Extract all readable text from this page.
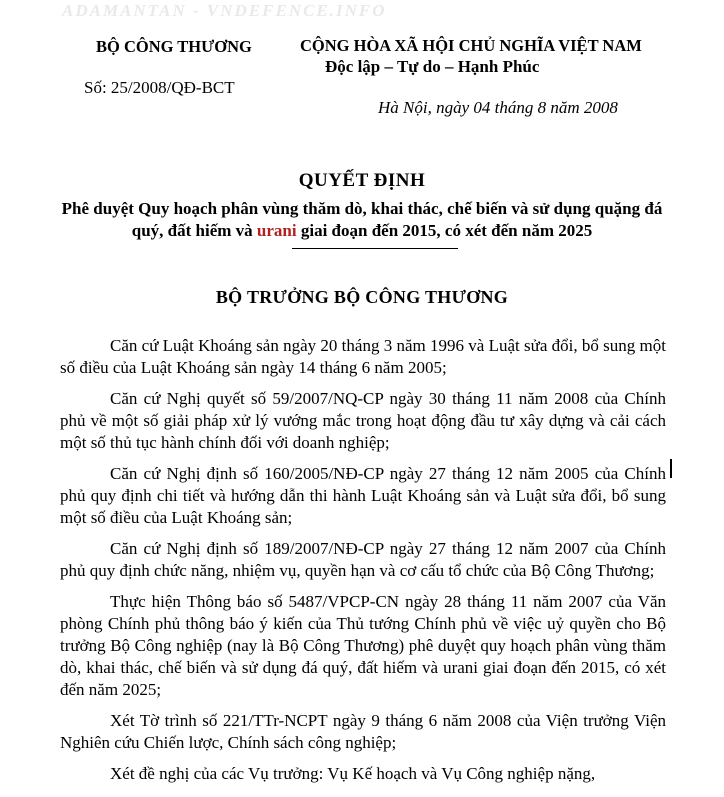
ADAMANTAN - VNDEFENCE.INFO
BỘ CÔNG THƯƠNG
Số: 25/2008/QĐ-BCT
CỘNG HÒA XÃ HỘI CHỦ NGHĨA VIỆT NAM
Độc lập – Tự do – Hạnh Phúc
Hà Nội, ngày 04 tháng 8 năm 2008
QUYẾT ĐỊNH
Phê duyệt Quy hoạch phân vùng thăm dò, khai thác, chế biến và sử dụng quặng đá quý, đất hiếm và urani giai đoạn đến 2015, có xét đến năm 2025
BỘ TRƯỞNG BỘ CÔNG THƯƠNG

Căn cứ Luật Khoáng sản ngày 20 tháng 3 năm 1996 và Luật sửa đổi, bổ sung một số điều của Luật Khoáng sản ngày 14 tháng 6 năm 2005;

Căn cứ Nghị quyết số 59/2007/NQ-CP ngày 30 tháng 11 năm 2008 của Chính phủ về một số giải pháp xử lý vướng mắc trong hoạt động đầu tư xây dựng và cải cách một số thủ tục hành chính đối với doanh nghiệp;

Căn cứ Nghị định số 160/2005/NĐ-CP ngày 27 tháng 12 năm 2005 của Chính phủ quy định chi tiết và hướng dẫn thi hành Luật Khoáng sản và Luật sửa đổi, bổ sung một số điều của Luật Khoáng sản;

Căn cứ Nghị định số 189/2007/NĐ-CP ngày 27 tháng 12 năm 2007 của Chính phủ quy định chức năng, nhiệm vụ, quyền hạn và cơ cấu tổ chức của Bộ Công Thương;

Thực hiện Thông báo số 5487/VPCP-CN ngày 28 tháng 11 năm 2007 của Văn phòng Chính phủ thông báo ý kiến của Thủ tướng Chính phủ về việc uỷ quyền cho Bộ trưởng Bộ Công nghiệp (nay là Bộ Công Thương) phê duyệt quy hoạch phân vùng thăm dò, khai thác, chế biến và sử dụng đá quý, đất hiếm và urani giai đoạn đến 2015, có xét đến năm 2025;

Xét Tờ trình số 221/TTr-NCPT ngày 9 tháng 6 năm 2008 của Viện trưởng Viện Nghiên cứu Chiến lược, Chính sách công nghiệp;

Xét đề nghị của các Vụ trưởng: Vụ Kế hoạch và Vụ Công nghiệp nặng,
